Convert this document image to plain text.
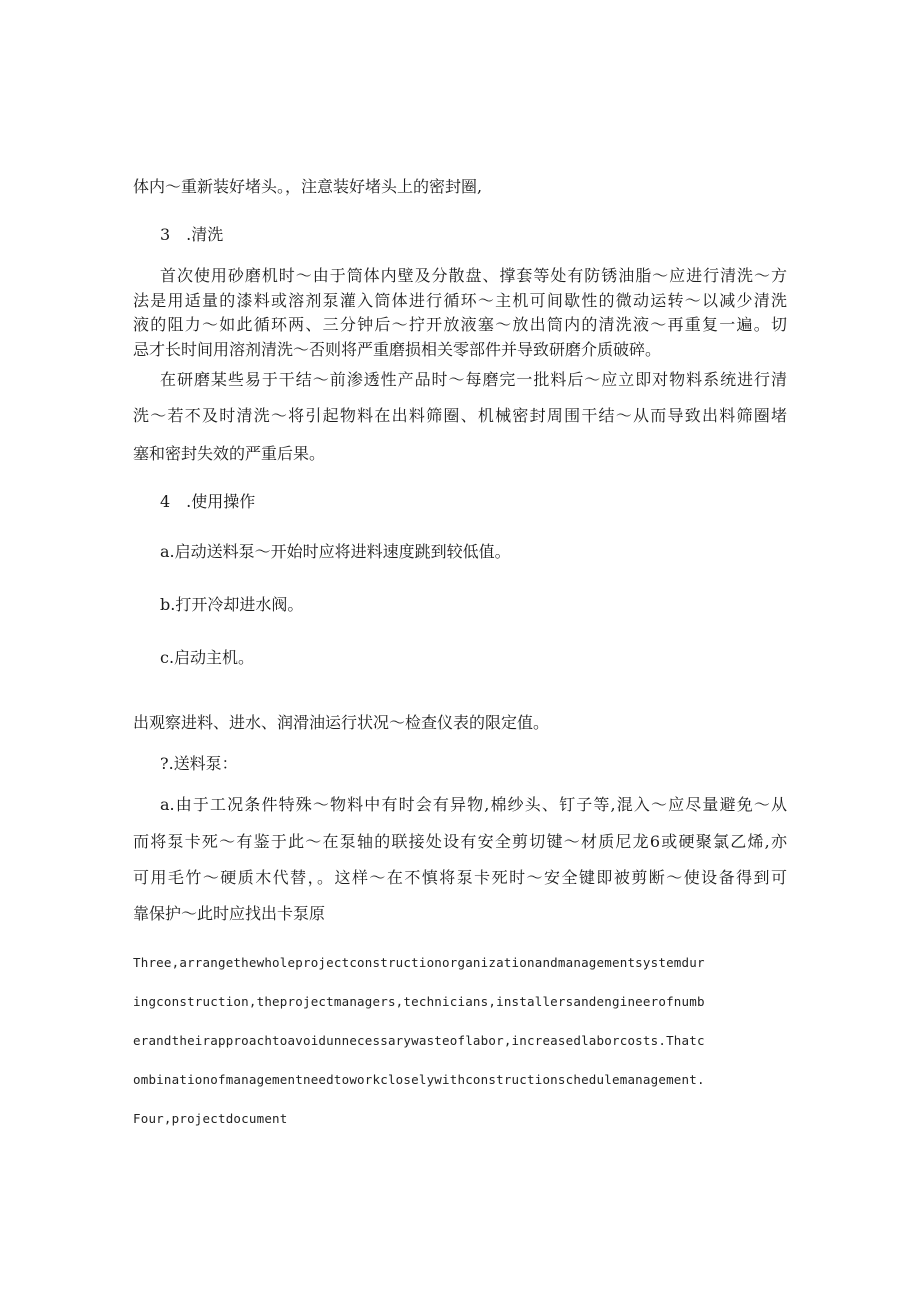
体内～重新装好堵头。，注意装好堵头上的密封圈,
3　.清洗
首次使用砂磨机时～由于筒体内壁及分散盘、撑套等处有防锈油脂～应进行清洗～方
法是用适量的漆料或溶剂泵灌入筒体进行循环～主机可间歇性的微动运转～以减少清洗
液的阻力～如此循环两、三分钟后～拧开放液塞～放出筒内的清洗液～再重复一遍。切
忌才长时间用溶剂清洗～否则将严重磨损相关零部件并导致研磨介质破碎。
在研磨某些易于干结～前渗透性产品时～每磨完一批料后～应立即对物料系统进行清
洗～若不及时清洗～将引起物料在出料筛圈、机械密封周围干结～从而导致出料筛圈堵
塞和密封失效的严重后果。
4　.使用操作
a.启动送料泵～开始时应将进料速度跳到较低值。
b.打开冷却进水阀。
c.启动主机。
出观察进料、进水、润滑油运行状况～检查仪表的限定值。
?.送料泵：
a.由于工况条件特殊～物料中有时会有异物,棉纱头、钉子等,混入～应尽量避免～从
而将泵卡死～有鉴于此～在泵轴的联接处设有安全剪切键～材质尼龙6或硬聚氯乙烯,亦
可用毛竹～硬质木代替，。这样～在不慎将泵卡死时～安全键即被剪断～使设备得到可
靠保护～此时应找出卡泵原
Three,arrangethewholeprojectconstructionorganizationandmanagementsystemdur
ingconstruction,theprojectmanagers,technicians,installersandengineerofnumb
erandtheirapproachtoavoidunnecessarywasteoflabor,increasedlaborcosts.Thatc
ombinationofmanagementneedtoworkcloselywithconstructionschedulemanagement.
Four,projectdocument
